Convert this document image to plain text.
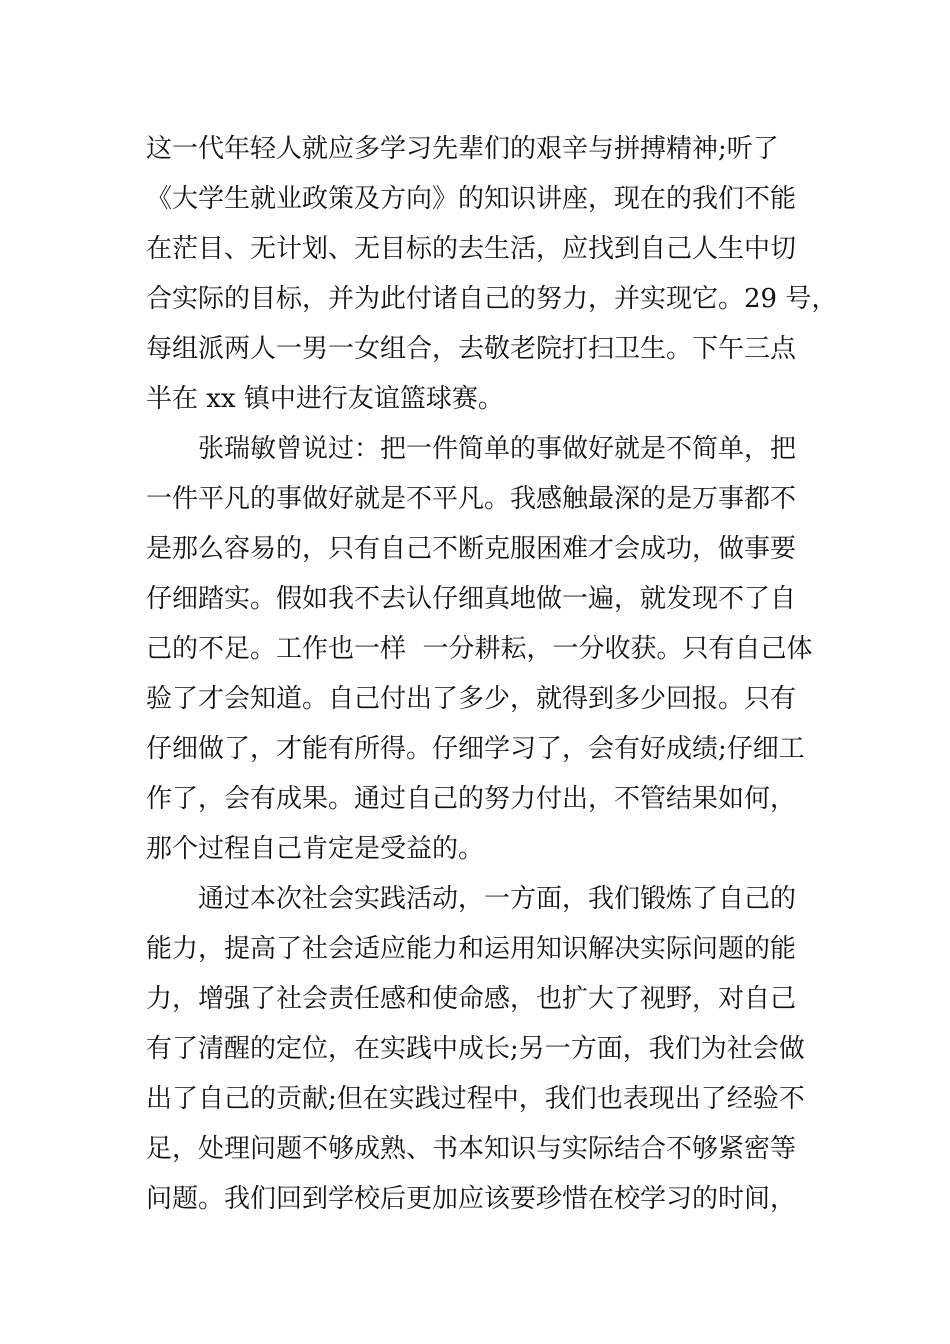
这一代年轻人就应多学习先辈们的艰辛与拼搏精神;听了
《大学生就业政策及方向》的知识讲座，现在的我们不能
在茫目、无计划、无目标的去生活，应找到自己人生中切
合实际的目标，并为此付诸自己的努力，并实现它。29 号，
每组派两人一男一女组合，去敬老院打扫卫生。下午三点
半在 xx 镇中进行友谊篮球赛。
　　张瑞敏曾说过：把一件简单的事做好就是不简单，把
一件平凡的事做好就是不平凡。我感触最深的是万事都不
是那么容易的，只有自己不断克服困难才会成功，做事要
仔细踏实。假如我不去认仔细真地做一遍，就发现不了自
己的不足。工作也一样  一分耕耘，一分收获。只有自己体
验了才会知道。自己付出了多少，就得到多少回报。只有
仔细做了，才能有所得。仔细学习了，会有好成绩;仔细工
作了，会有成果。通过自己的努力付出，不管结果如何，
那个过程自己肯定是受益的。
　　通过本次社会实践活动，一方面，我们锻炼了自己的
能力，提高了社会适应能力和运用知识解决实际问题的能
力，增强了社会责任感和使命感，也扩大了视野，对自己
有了清醒的定位，在实践中成长;另一方面，我们为社会做
出了自己的贡献;但在实践过程中，我们也表现出了经验不
足，处理问题不够成熟、书本知识与实际结合不够紧密等
问题。我们回到学校后更加应该要珍惜在校学习的时间，
